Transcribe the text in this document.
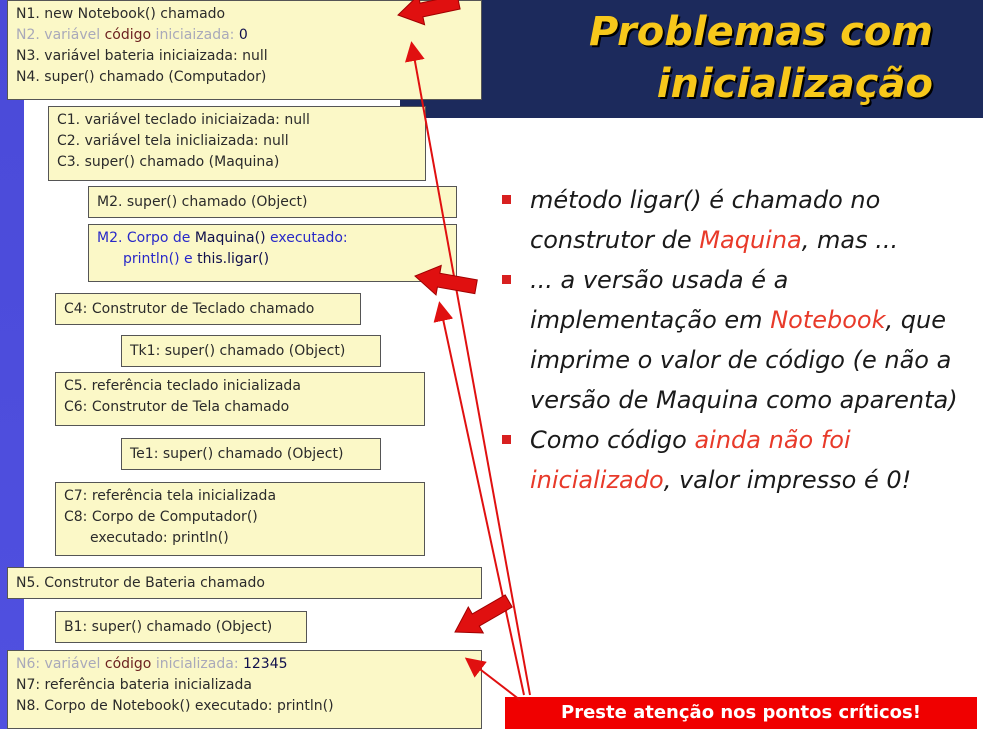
Problemas com
inicialização
N1. new Notebook() chamado
N2. variável código iniciaizada: 0
N3. variável bateria iniciaizada: null
N4. super() chamado (Computador)
C1. variável teclado iniciaizada: null
C2. variável tela inicliaizada: null
C3. super() chamado (Maquina)
M2. super() chamado (Object)
M2. Corpo de Maquina() executado:
println() e this.ligar()
C4: Construtor de Teclado chamado
Tk1: super() chamado (Object)
C5. referência teclado inicializada
C6: Construtor de Tela chamado
Te1: super() chamado (Object)
C7: referência tela inicializada
C8: Corpo de Computador()
executado: println()
N5. Construtor de Bateria chamado
B1: super() chamado (Object)
N6: variável código inicializada: 12345
N7: referência bateria inicializada
N8. Corpo de Notebook() executado: println()
método ligar() é chamado no construtor de Maquina, mas ...
... a versão usada é a implementação em Notebook, que imprime o valor de código (e não a versão de Maquina como aparenta)
Como código ainda não foi inicializado, valor impresso é 0!
Preste atenção nos pontos críticos!
